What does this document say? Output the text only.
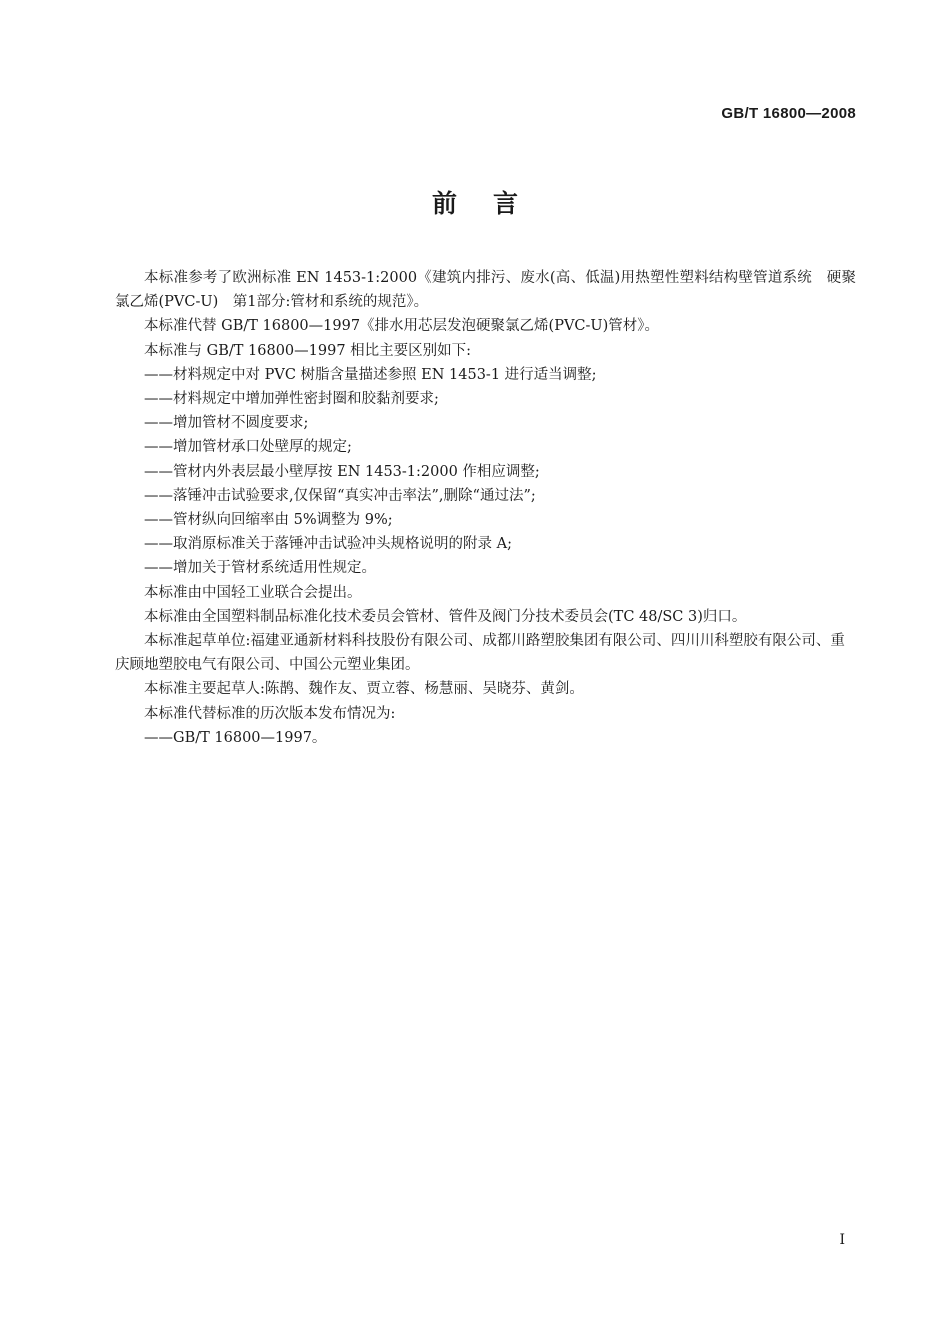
GB/T 16800—2008
前言

本标准参考了欧洲标准 EN 1453-1:2000《建筑内排污、废水(高、低温)用热塑性塑料结构壁管道系统　硬聚氯乙烯(PVC-U)　第1部分:管材和系统的规范》。

本标准代替 GB/T 16800—1997《排水用芯层发泡硬聚氯乙烯(PVC-U)管材》。

本标准与 GB/T 16800—1997 相比主要区别如下:

——材料规定中对 PVC 树脂含量描述参照 EN 1453-1 进行适当调整;

——材料规定中增加弹性密封圈和胶黏剂要求;

——增加管材不圆度要求;

——增加管材承口处壁厚的规定;

——管材内外表层最小壁厚按 EN 1453-1:2000 作相应调整;

——落锤冲击试验要求,仅保留“真实冲击率法”,删除“通过法”;

——管材纵向回缩率由 5%调整为 9%;

——取消原标准关于落锤冲击试验冲头规格说明的附录 A;

——增加关于管材系统适用性规定。

本标准由中国轻工业联合会提出。

本标准由全国塑料制品标准化技术委员会管材、管件及阀门分技术委员会(TC 48/SC 3)归口。

本标准起草单位:福建亚通新材料科技股份有限公司、成都川路塑胶集团有限公司、四川川科塑胶有限公司、重庆顾地塑胶电气有限公司、中国公元塑业集团。

本标准主要起草人:陈鹊、魏作友、贾立蓉、杨慧丽、吴晓芬、黄剑。

本标准代替标准的历次版本发布情况为:

——GB/T 16800—1997。

I
